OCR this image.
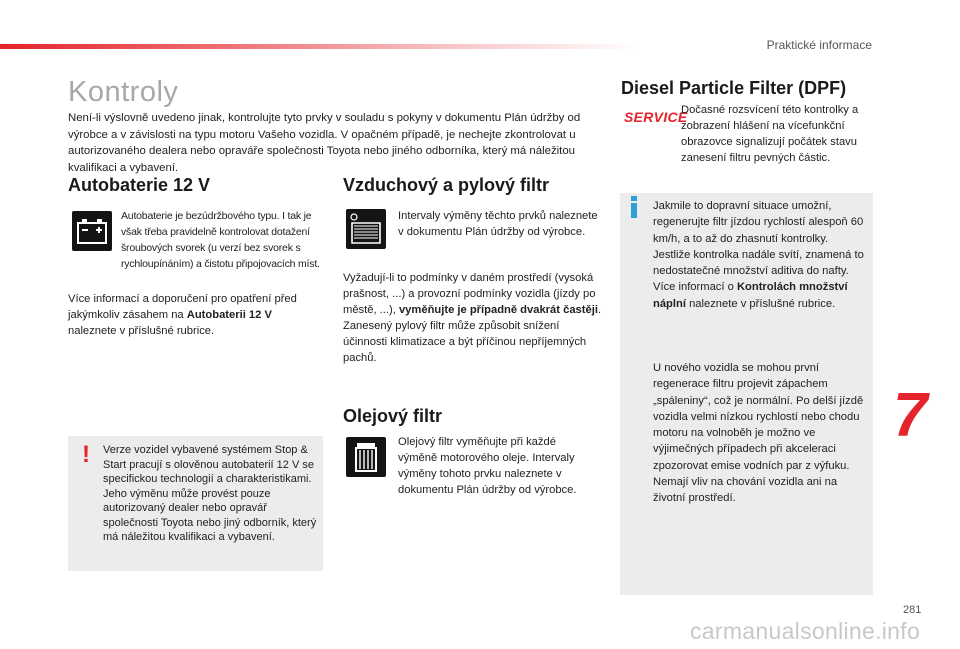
Praktické informace
Kontroly

Není-li výslovně uvedeno jinak, kontrolujte tyto prvky v souladu s pokyny v dokumentu Plán údržby od výrobce a v závislosti na typu motoru Vašeho vozidla. V opačném případě, je nechejte zkontrolovat u autorizovaného dealera nebo opraváře společnosti Toyota nebo jiného odborníka, který má náležitou kvalifikaci a vybavení.

Autobaterie 12 V

Autobaterie je bezúdržbového typu. I tak je však třeba pravidelně kontrolovat dotažení šroubových svorek (u verzí bez svorek s rychloupínáním) a čistotu připojovacích míst.

Více informací a doporučení pro opatření před jakýmkoliv zásahem na Autobaterii 12 V naleznete v příslušné rubrice.

! Verze vozidel vybavené systémem Stop & Start pracují s olověnou autobaterií 12 V se specifickou technologií a charakteristikami. Jeho výměnu může provést pouze autorizovaný dealer nebo opravář společnosti Toyota nebo jiný odborník, který má náležitou kvalifikaci a vybavení.

Vzduchový a pylový filtr

Intervaly výměny těchto prvků naleznete v dokumentu Plán údržby od výrobce.

Vyžadují-li to podmínky v daném prostředí (vysoká prašnost, ...) a provozní podmínky vozidla (jízdy po městě, ...), vyměňujte je případně dvakrát častěji. Zanesený pylový filtr může způsobit snížení účinnosti klimatizace a být příčinou nepříjemných pachů.

Olejový filtr

Olejový filtr vyměňujte při každé výměně motorového oleje. Intervaly výměny tohoto prvku naleznete v dokumentu Plán údržby od výrobce.

Diesel Particle Filter (DPF)
SERVICE

Dočasné rozsvícení této kontrolky a zobrazení hlášení na vícefunkční obrazovce signalizují počátek stavu zanesení filtru pevných částic.

Jakmile to dopravní situace umožní, regenerujte filtr jízdou rychlostí alespoň 60 km/h, a to až do zhasnutí kontrolky. Jestliže kontrolka nadále svítí, znamená to nedostatečné množství aditiva do nafty. Více informací o Kontrolách množství náplní naleznete v příslušné rubrice.

U nového vozidla se mohou první regenerace filtru projevit zápachem „spáleniny“, což je normální. Po delší jízdě vozidla velmi nízkou rychlostí nebo chodu motoru na volnoběh je možno ve výjimečných případech při akceleraci zpozorovat emise vodních par z výfuku. Nemají vliv na chování vozidla ani na životní prostředí.

7
281
carmanualsonline.info
